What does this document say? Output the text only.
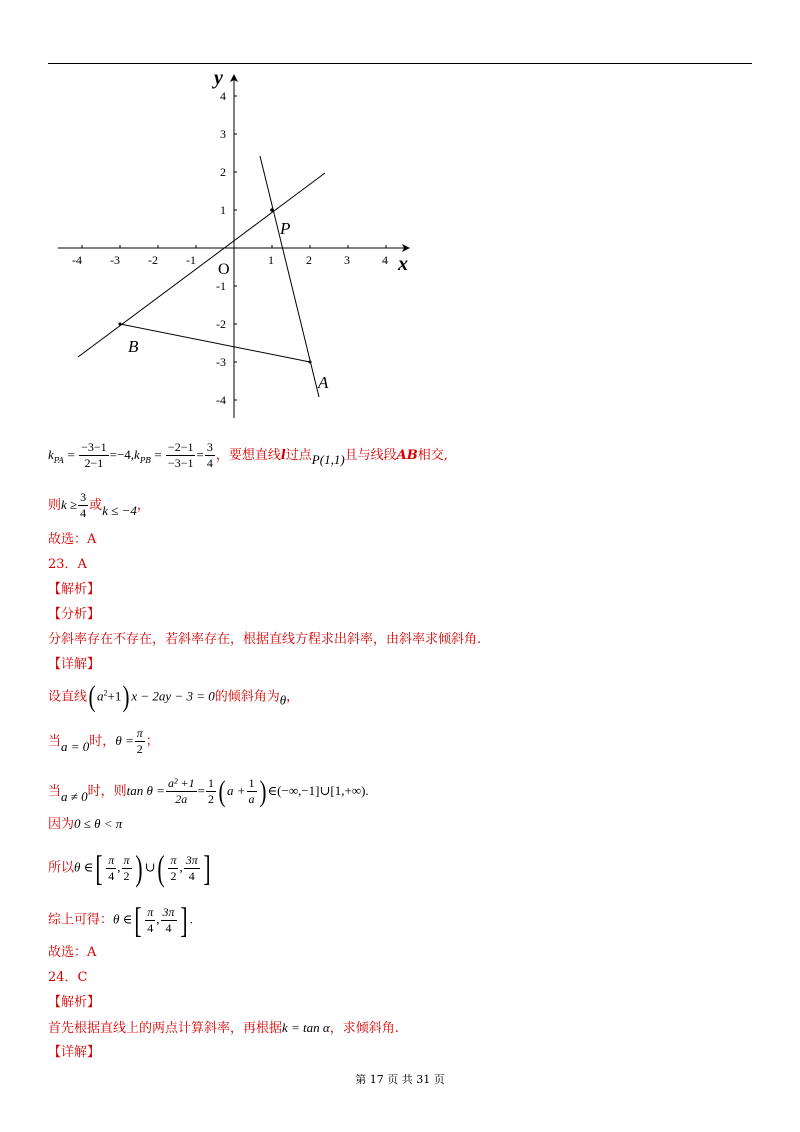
-4 -3 -2 -1	1	2	3	4
4
3
2
1
-1
-2
-3
-4
x
y
O
P
B
A
$k_{PA} = \frac{-3-1}{2-1} =-4,k_{PB} = \frac{-2-1}{-3-1} = \frac{3}{4}$ ，要想直线l过点P(1,1)且与线段AB相交,
则$k \ge \frac{3}{4}$ 或k ≤ −4，
故选：A
23．A
【解析】
【分析】
分斜率存在不存在，若斜率存在，根据直线方程求出斜率，由斜率求倾斜角.
【详解】
设直线( $a^2+1$) x − 2ay − 3 = 0的倾斜角为θ，
当a = 0时，$\theta = \frac{\pi}{2}$ ；
当a ≠ 0时，则$\tan \theta = \frac{\text{a² +1}}{2a} = \frac{1}{2}$ ( $a + \frac{1}{a}$ ) ∈(−∞,−1]∪[1,+∞).
因为0 ≤ θ < π
所以θ ∈[ $\frac{\pi}{4}$ , $\frac{\pi}{2}$ ) ∪( $\frac{\pi}{2}$ , $\frac{3\pi}{4}$ ]
综上可得：θ ∈[ $\frac{\pi}{4}$ , $\frac{3\pi}{4}$ ] .
故选：A
24．C
【解析】
首先根据直线上的两点计算斜率，再根据k = tan α，求倾斜角.
【详解】
第 17 页 共 31 页
